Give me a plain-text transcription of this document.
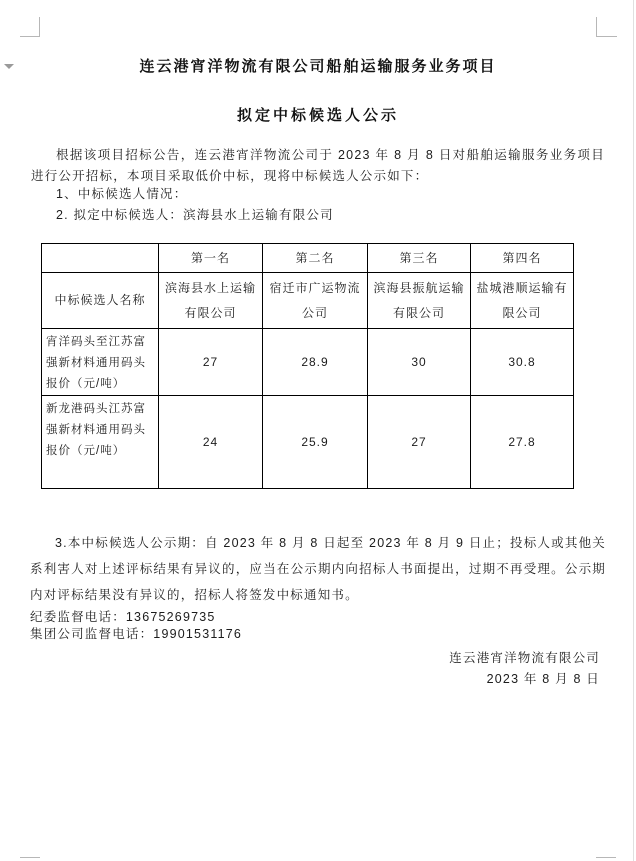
连云港宵洋物流有限公司船舶运输服务业务项目
拟定中标候选人公示

根据该项目招标公告，连云港宵洋物流公司于 2023 年 8 月 8 日对船舶运输服务业务项目进行公开招标，本项目采取低价中标，现将中标候选人公示如下：

1、中标候选人情况：

2. 拟定中标候选人：滨海县水上运输有限公司

	第一名	第二名	第三名	第四名
中标候选人名称	滨海县水上运输有限公司	宿迁市广运物流公司	滨海县振航运输有限公司	盐城港顺运输有限公司
宵洋码头至江苏富强新材料通用码头报价（元/吨）	27	28.9	30	30.8
新龙港码头江苏富强新材料通用码头报价（元/吨）	24	25.9	27	27.8

3.本中标候选人公示期：自 2023 年 8 月 8 日起至 2023 年 8 月 9 日止；投标人或其他关系利害人对上述评标结果有异议的，应当在公示期内向招标人书面提出，过期不再受理。公示期内对评标结果没有异议的，招标人将签发中标通知书。

纪委监督电话：13675269735

集团公司监督电话：19901531176

连云港宵洋物流有限公司

2023 年 8 月 8 日
